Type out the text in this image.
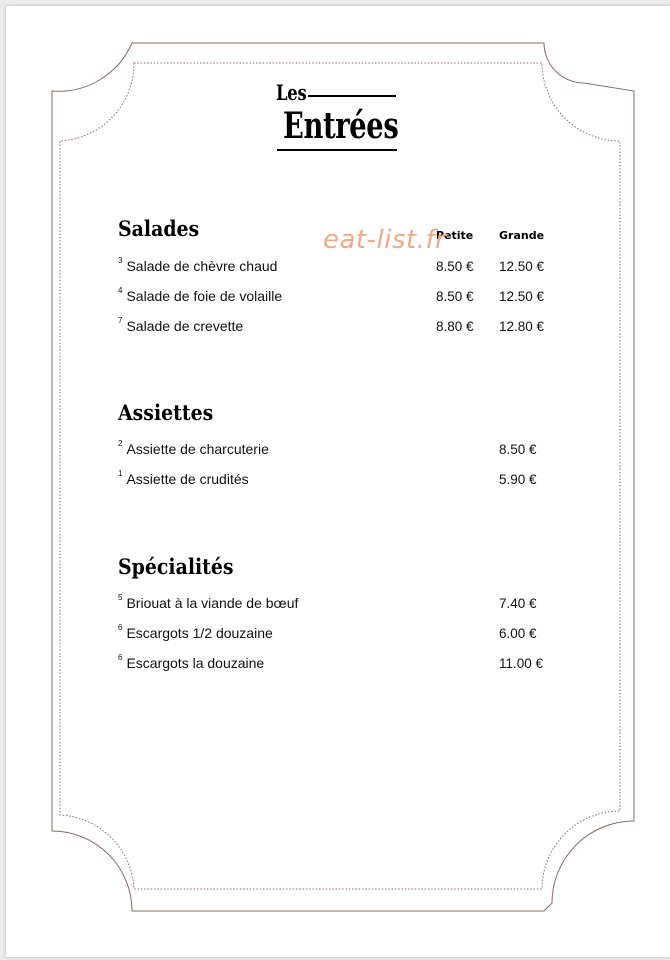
Les
Entrées
Salades	Petite Grande
eat-list.fr
$^3$ Salade de chèvre chaud	8.50 € 12.50 €
$^4$ Salade de foie de volaille	8.50 € 12.50 €
$^7$ Salade de crevette	8.80 € 12.80 €
Assiettes
$^2$ Assiette de charcuterie	8.50 €
$^1$ Assiette de crudités	5.90 €
Spécialités
$^5$ Briouat à la viande de bœuf	7.40 €
$^6$ Escargots 1/2 douzaine	6.00 €
$^6$ Escargots la douzaine	11.00 €
